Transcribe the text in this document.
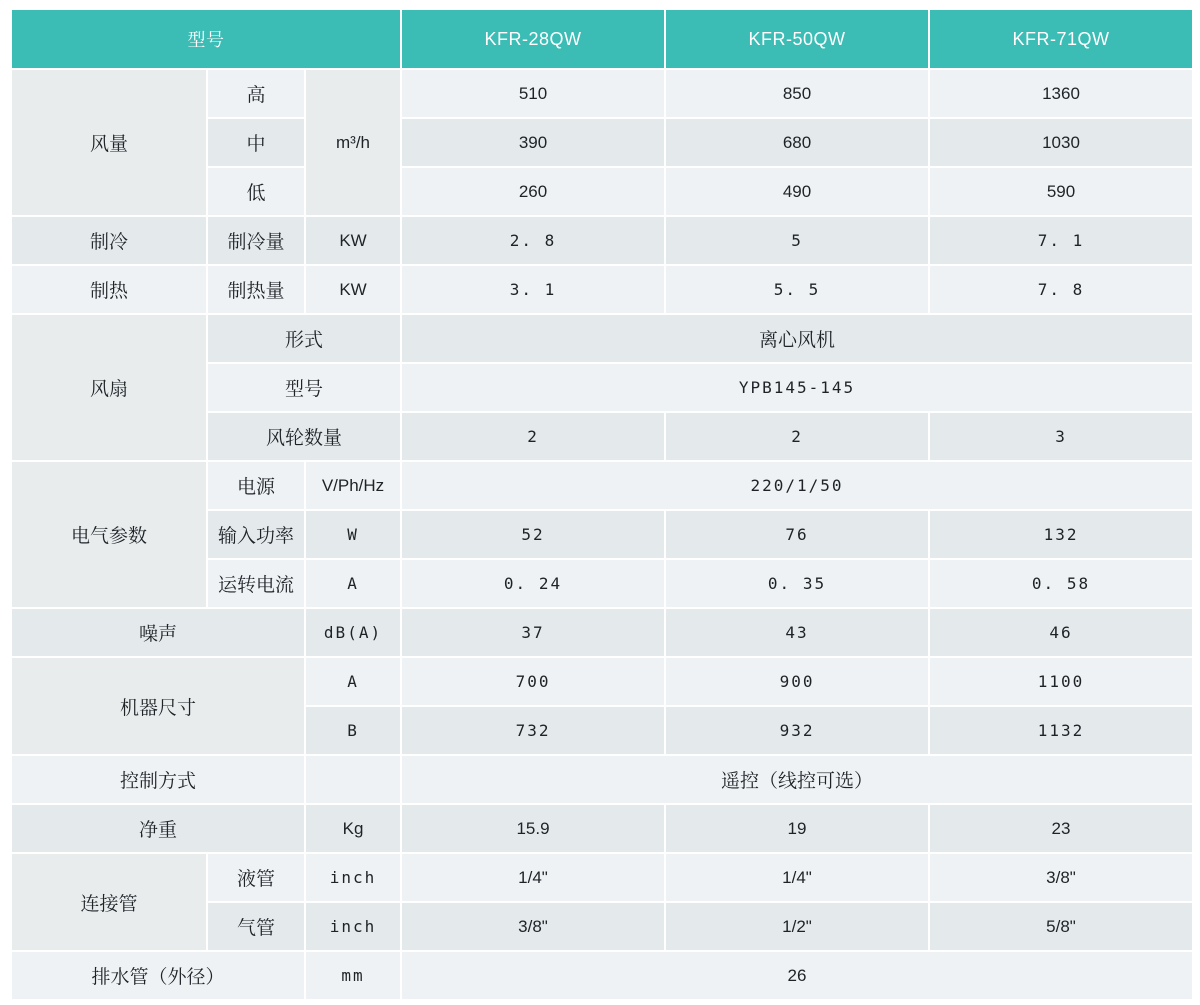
型号			KFR-28QW	KFR-50QW	KFR-71QW
风量	高	m³/h	510	850	1360
	中		390	680	1030
	低		260	490	590
制冷	制冷量	KW	2. 8	5	7. 1
制热	制热量	KW	3. 1	5. 5	7. 8
风扇	形式		离心风机		
	型号		YPB145-145		
	风轮数量		2	2	3
电气参数	电源	V/Ph/Hz	220/1/50		
	输入功率	W	52	76	132
	运转电流	A	0. 24	0. 35	0. 58
噪声		dB(A)	37	43	46
机器尺寸		A	700	900	1100
		B	732	932	1132
控制方式			遥控（线控可选）		
净重		Kg	15.9	19	23
连接管	液管	inch	1/4"	1/4"	3/8"
	气管	inch	3/8"	1/2"	5/8"
排水管（外径）		mm	26		
